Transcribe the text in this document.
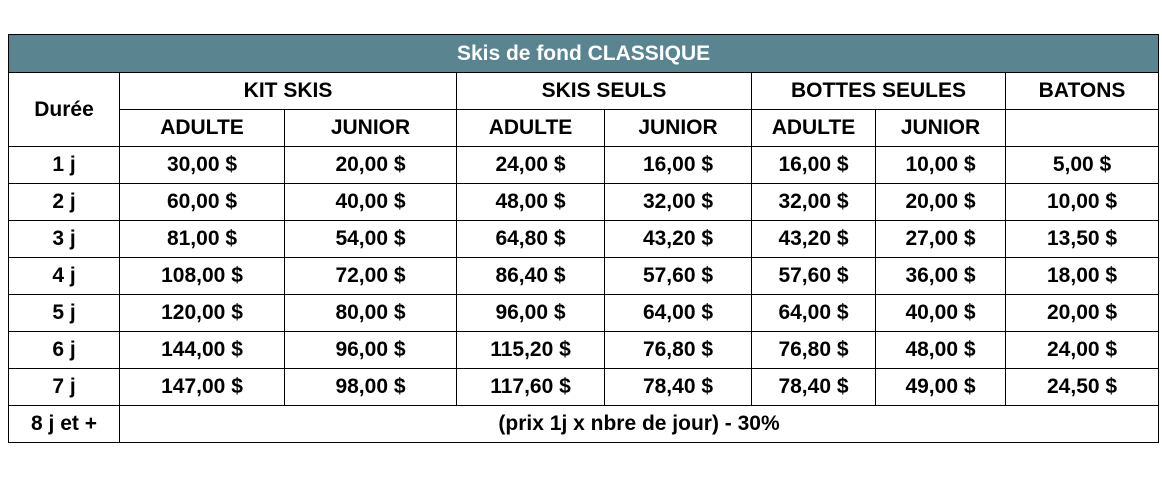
Skis de fond CLASSIQUE							
Durée	KIT SKIS		SKIS SEULS		BOTTES SEULES		BATONS
	ADULTE	JUNIOR	ADULTE	JUNIOR	ADULTE	JUNIOR	
1 j	30,00 $	20,00 $	24,00 $	16,00 $	16,00 $	10,00 $	5,00 $
2 j	60,00 $	40,00 $	48,00 $	32,00 $	32,00 $	20,00 $	10,00 $
3 j	81,00 $	54,00 $	64,80 $	43,20 $	43,20 $	27,00 $	13,50 $
4 j	108,00 $	72,00 $	86,40 $	57,60 $	57,60 $	36,00 $	18,00 $
5 j	120,00 $	80,00 $	96,00 $	64,00 $	64,00 $	40,00 $	20,00 $
6 j	144,00 $	96,00 $	115,20 $	76,80 $	76,80 $	48,00 $	24,00 $
7 j	147,00 $	98,00 $	117,60 $	78,40 $	78,40 $	49,00 $	24,50 $
8 j et +	(prix 1j x nbre de jour) - 30%						
